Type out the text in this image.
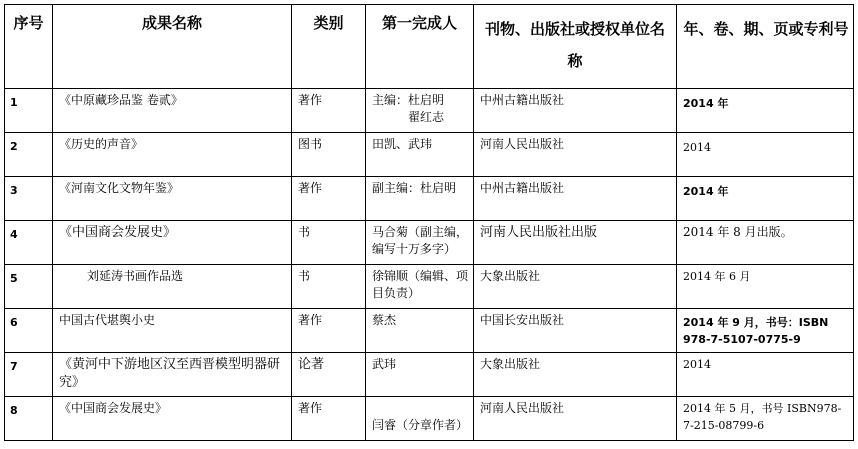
序号	成果名称	类别	第一完成人	刊物、出版社或授权单位名称	年、卷、期、页或专利号

1	《中原藏珍品鉴 卷贰》	著作	主编：杜启明
翟红志	中州古籍出版社	2014 年

2	《历史的声音》	图书	田凯、武玮	河南人民出版社	2014

3	《河南文化文物年鉴》	著作	副主编：杜启明	中州古籍出版社	2014 年

4	《中国商会发展史》	书	马合菊（副主编，
编写十万多字）	河南人民出版社出版	2014 年 8 月出版。

5	刘延涛书画作品选	书	徐锦顺（编辑、项
目负责）	大象出版社	2014 年 6 月

6	中国古代堪舆小史	著作	蔡杰	中国长安出版社	2014 年 9 月，书号：ISBN 978-7-5107-0775-9

7	《黄河中下游地区汉至西晋模型明器研究》	论著	武玮	大象出版社	2014

8	《中国商会发展史》	著作	闫睿（分章作者）	河南人民出版社	2014 年 5 月，书号 ISBN978-7-215-08799-6
